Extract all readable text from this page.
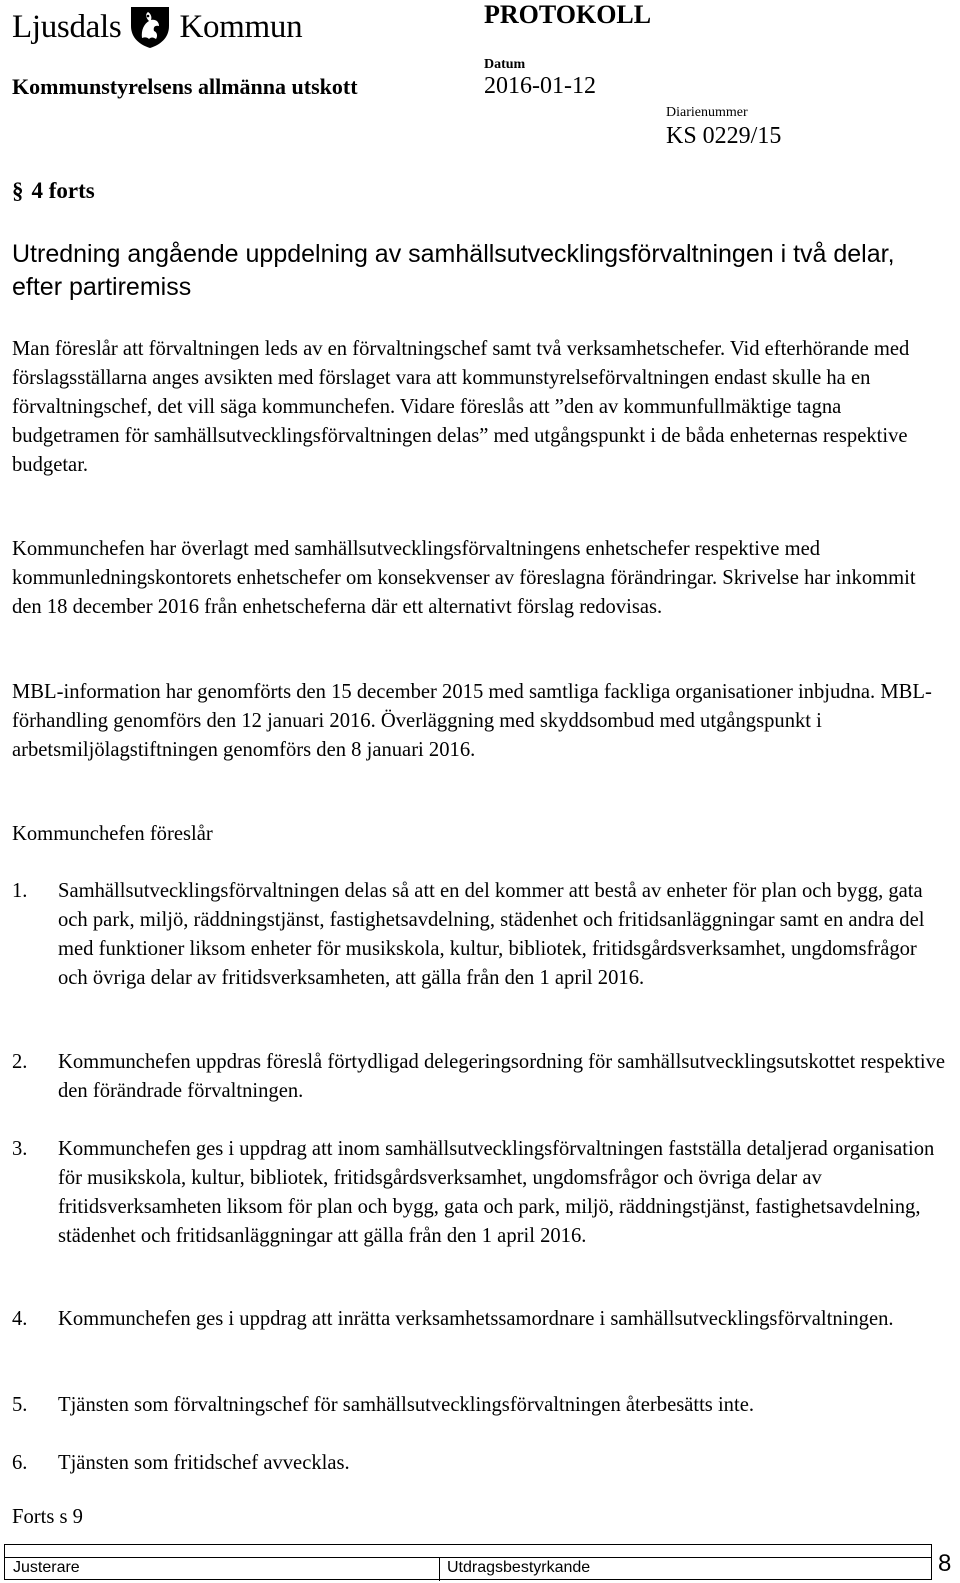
Ljusdals Kommun	PROTOKOLL
Kommunstyrelsens allmänna utskott
Datum
2016-01-12
Diarienummer
KS 0229/15
§ 4 forts
Utredning angående uppdelning av samhällsutvecklingsförvaltningen i två delar, efter partiremiss
Man föreslår att förvaltningen leds av en förvaltningschef samt två verksamhetschefer. Vid efterhörande med förslagsställarna anges avsikten med förslaget vara att kommunstyrelseförvaltningen endast skulle ha en förvaltningschef, det vill säga kommunchefen. Vidare föreslås att ”den av kommunfullmäktige tagna budgetramen för samhällsutvecklingsförvaltningen delas” med utgångspunkt i de båda enheternas respektive budgetar.
Kommunchefen har överlagt med samhällsutvecklingsförvaltningens enhetschefer respektive med kommunledningskontorets enhetschefer om konsekvenser av föreslagna förändringar. Skrivelse har inkommit den 18 december 2016 från enhetscheferna där ett alternativt förslag redovisas.
MBL-information har genomförts den 15 december 2015 med samtliga fackliga organisationer inbjudna. MBL-förhandling genomförs den 12 januari 2016. Överläggning med skyddsombud med utgångspunkt i arbetsmiljölagstiftningen genomförs den 8 januari 2016.
Kommunchefen föreslår
1.	Samhällsutvecklingsförvaltningen delas så att en del kommer att bestå av enheter för plan och bygg, gata och park, miljö, räddningstjänst, fastighetsavdelning, städenhet och fritidsanläggningar samt en andra del med funktioner liksom enheter för musikskola, kultur, bibliotek, fritidsgårdsverksamhet, ungdomsfrågor och övriga delar av fritidsverksamheten, att gälla från den 1 april 2016.
2.	Kommunchefen uppdras föreslå förtydligad delegeringsordning för samhällsutvecklingsutskottet respektive den förändrade förvaltningen.
3.	Kommunchefen ges i uppdrag att inom samhällsutvecklingsförvaltningen fastställa detaljerad organisation för musikskola, kultur, bibliotek, fritidsgårdsverksamhet, ungdomsfrågor och övriga delar av fritidsverksamheten liksom för plan och bygg, gata och park, miljö, räddningstjänst, fastighetsavdelning, städenhet och fritidsanläggningar att gälla från den 1 april 2016.
4.	Kommunchefen ges i uppdrag att inrätta verksamhetssamordnare i samhällsutvecklingsförvaltningen.
5.	Tjänsten som förvaltningschef för samhällsutvecklingsförvaltningen återbesätts inte.
6.	Tjänsten som fritidschef avvecklas.
Forts s 9
Justerare	Utdragsbestyrkande	8
